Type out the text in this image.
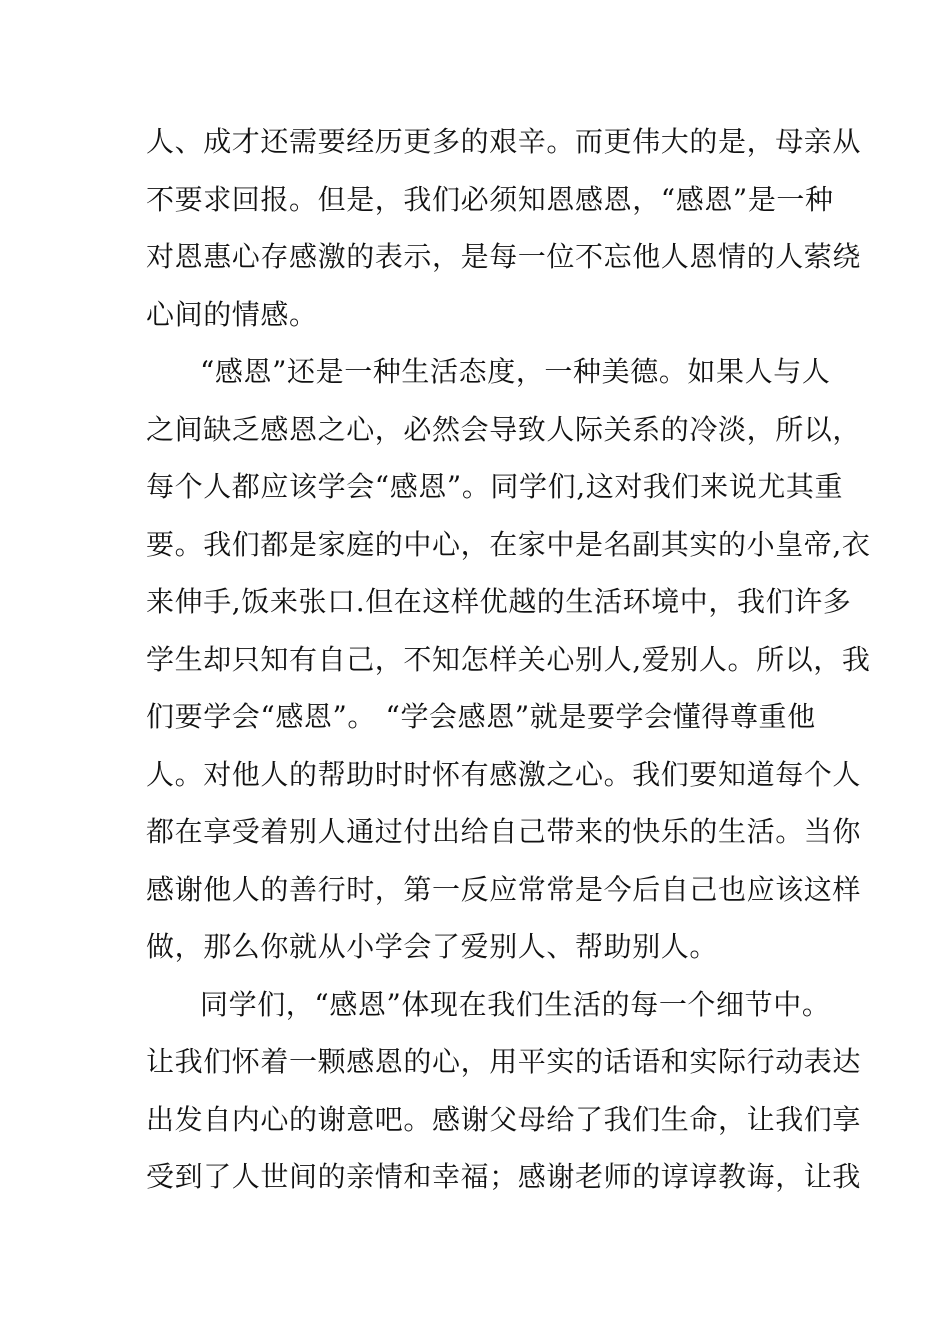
人、成才还需要经历更多的艰辛。而更伟大的是，母亲从
不要求回报。但是，我们必须知恩感恩，“感恩”是一种
对恩惠心存感激的表示，是每一位不忘他人恩情的人萦绕
心间的情感。
“感恩”还是一种生活态度，一种美德。如果人与人
之间缺乏感恩之心，必然会导致人际关系的冷淡，所以，
每个人都应该学会“感恩”。同学们,这对我们来说尤其重
要。我们都是家庭的中心，在家中是名副其实的小皇帝,衣
来伸手,饭来张口.但在这样优越的生活环境中，我们许多
学生却只知有自己，不知怎样关心别人,爱别人。所以，我
们要学会“感恩”。 “学会感恩”就是要学会懂得尊重他
人。对他人的帮助时时怀有感激之心。我们要知道每个人
都在享受着别人通过付出给自己带来的快乐的生活。当你
感谢他人的善行时，第一反应常常是今后自己也应该这样
做，那么你就从小学会了爱别人、帮助别人。
同学们，“感恩”体现在我们生活的每一个细节中。
让我们怀着一颗感恩的心，用平实的话语和实际行动表达
出发自内心的谢意吧。感谢父母给了我们生命，让我们享
受到了人世间的亲情和幸福；感谢老师的谆谆教诲，让我
